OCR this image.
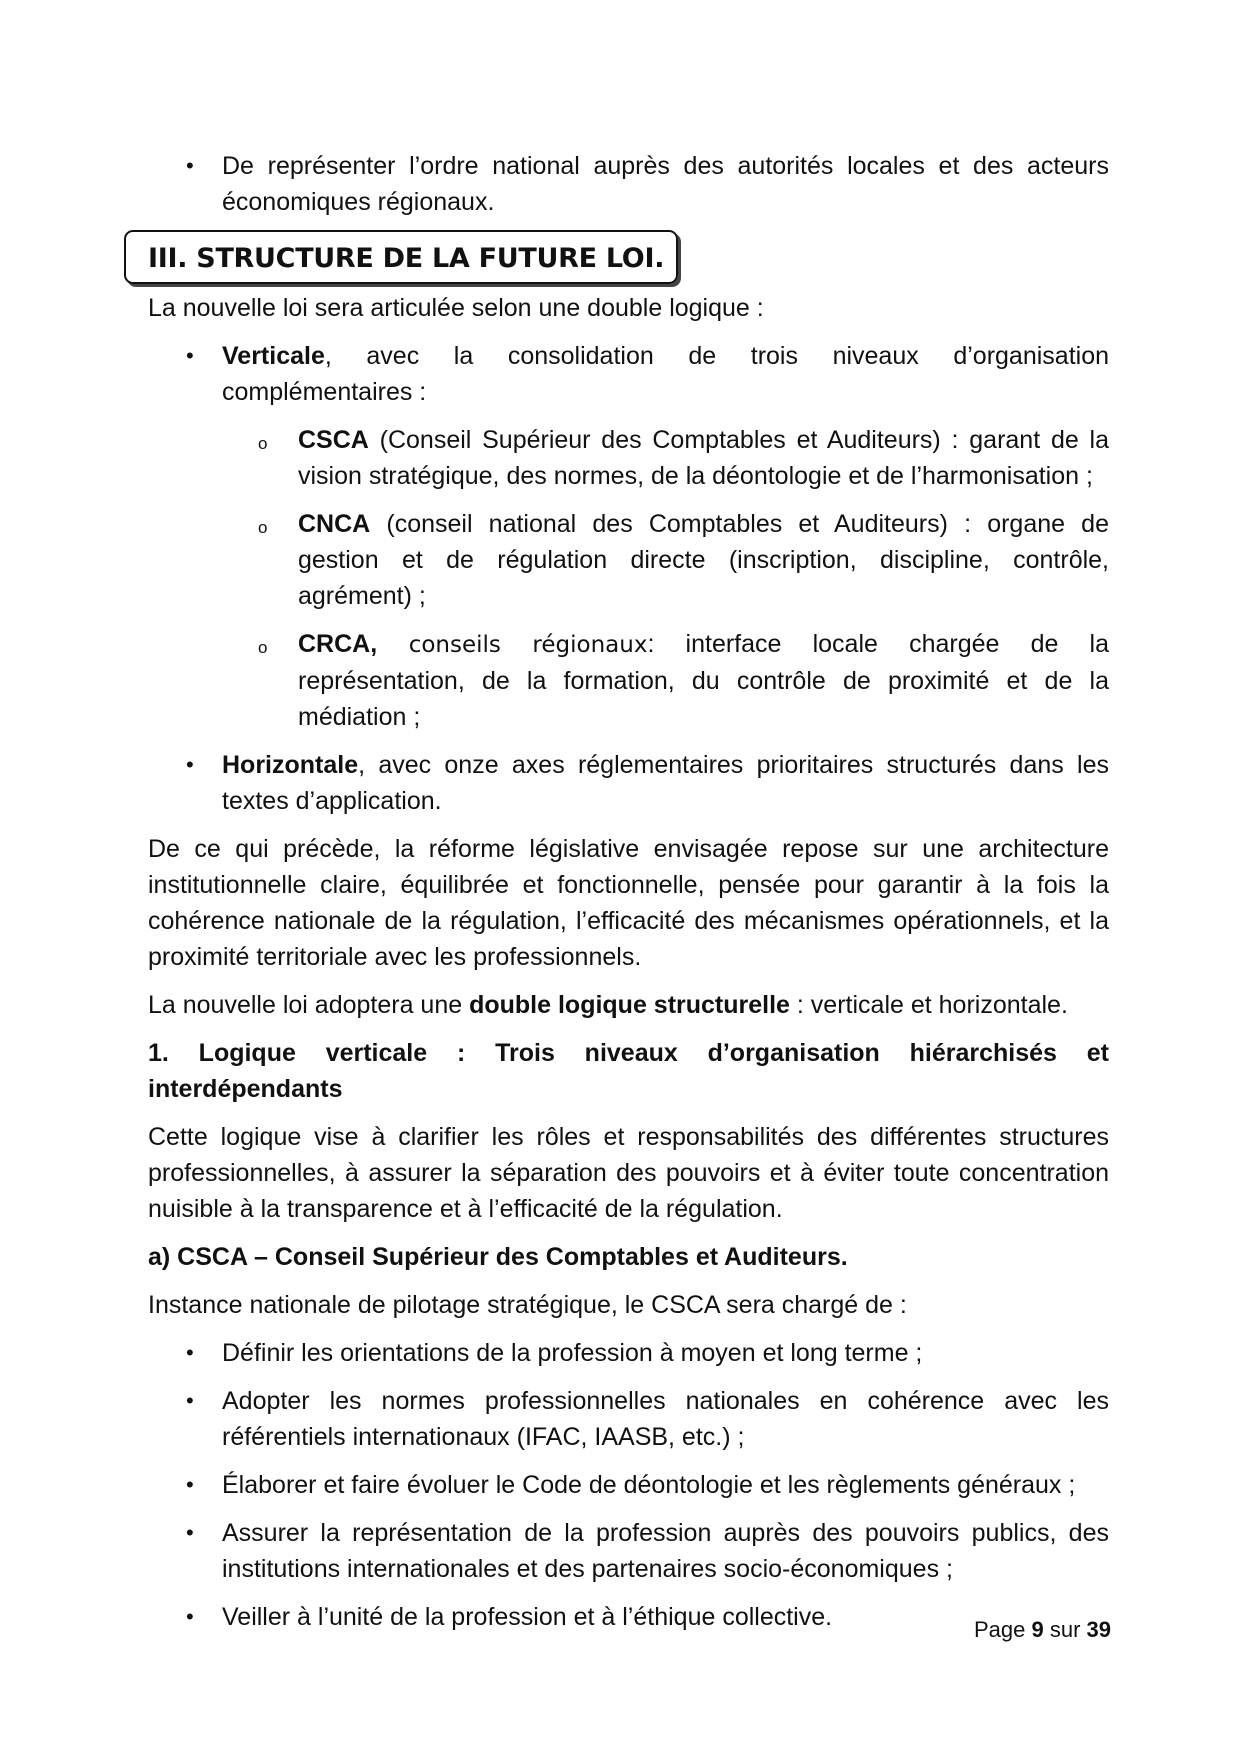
• De représenter l’ordre national auprès des autorités locales et des acteurs économiques régionaux.

III. STRUCTURE DE LA FUTURE LOI.

La nouvelle loi sera articulée selon une double logique :

• Verticale, avec la consolidation de trois niveaux d’organisation complémentaires :

o CSCA (Conseil Supérieur des Comptables et Auditeurs) : garant de la vision stratégique, des normes, de la déontologie et de l’harmonisation ;

o CNCA (conseil national des Comptables et Auditeurs) : organe de gestion et de régulation directe (inscription, discipline, contrôle, agrément) ;

o CRCA, conseils régionaux: interface locale chargée de la représentation, de la formation, du contrôle de proximité et de la médiation ;

• Horizontale, avec onze axes réglementaires prioritaires structurés dans les textes d’application.

De ce qui précède, la réforme législative envisagée repose sur une architecture institutionnelle claire, équilibrée et fonctionnelle, pensée pour garantir à la fois la cohérence nationale de la régulation, l’efficacité des mécanismes opérationnels, et la proximité territoriale avec les professionnels.

La nouvelle loi adoptera une double logique structurelle : verticale et horizontale.

1. Logique verticale : Trois niveaux d’organisation hiérarchisés et interdépendants

Cette logique vise à clarifier les rôles et responsabilités des différentes structures professionnelles, à assurer la séparation des pouvoirs et à éviter toute concentration nuisible à la transparence et à l’efficacité de la régulation.

a) CSCA – Conseil Supérieur des Comptables et Auditeurs.

Instance nationale de pilotage stratégique, le CSCA sera chargé de :

• Définir les orientations de la profession à moyen et long terme ;

• Adopter les normes professionnelles nationales en cohérence avec les référentiels internationaux (IFAC, IAASB, etc.) ;

• Élaborer et faire évoluer le Code de déontologie et les règlements généraux ;

• Assurer la représentation de la profession auprès des pouvoirs publics, des institutions internationales et des partenaires socio-économiques ;

• Veiller à l’unité de la profession et à l’éthique collective.	Page 9 sur 39
